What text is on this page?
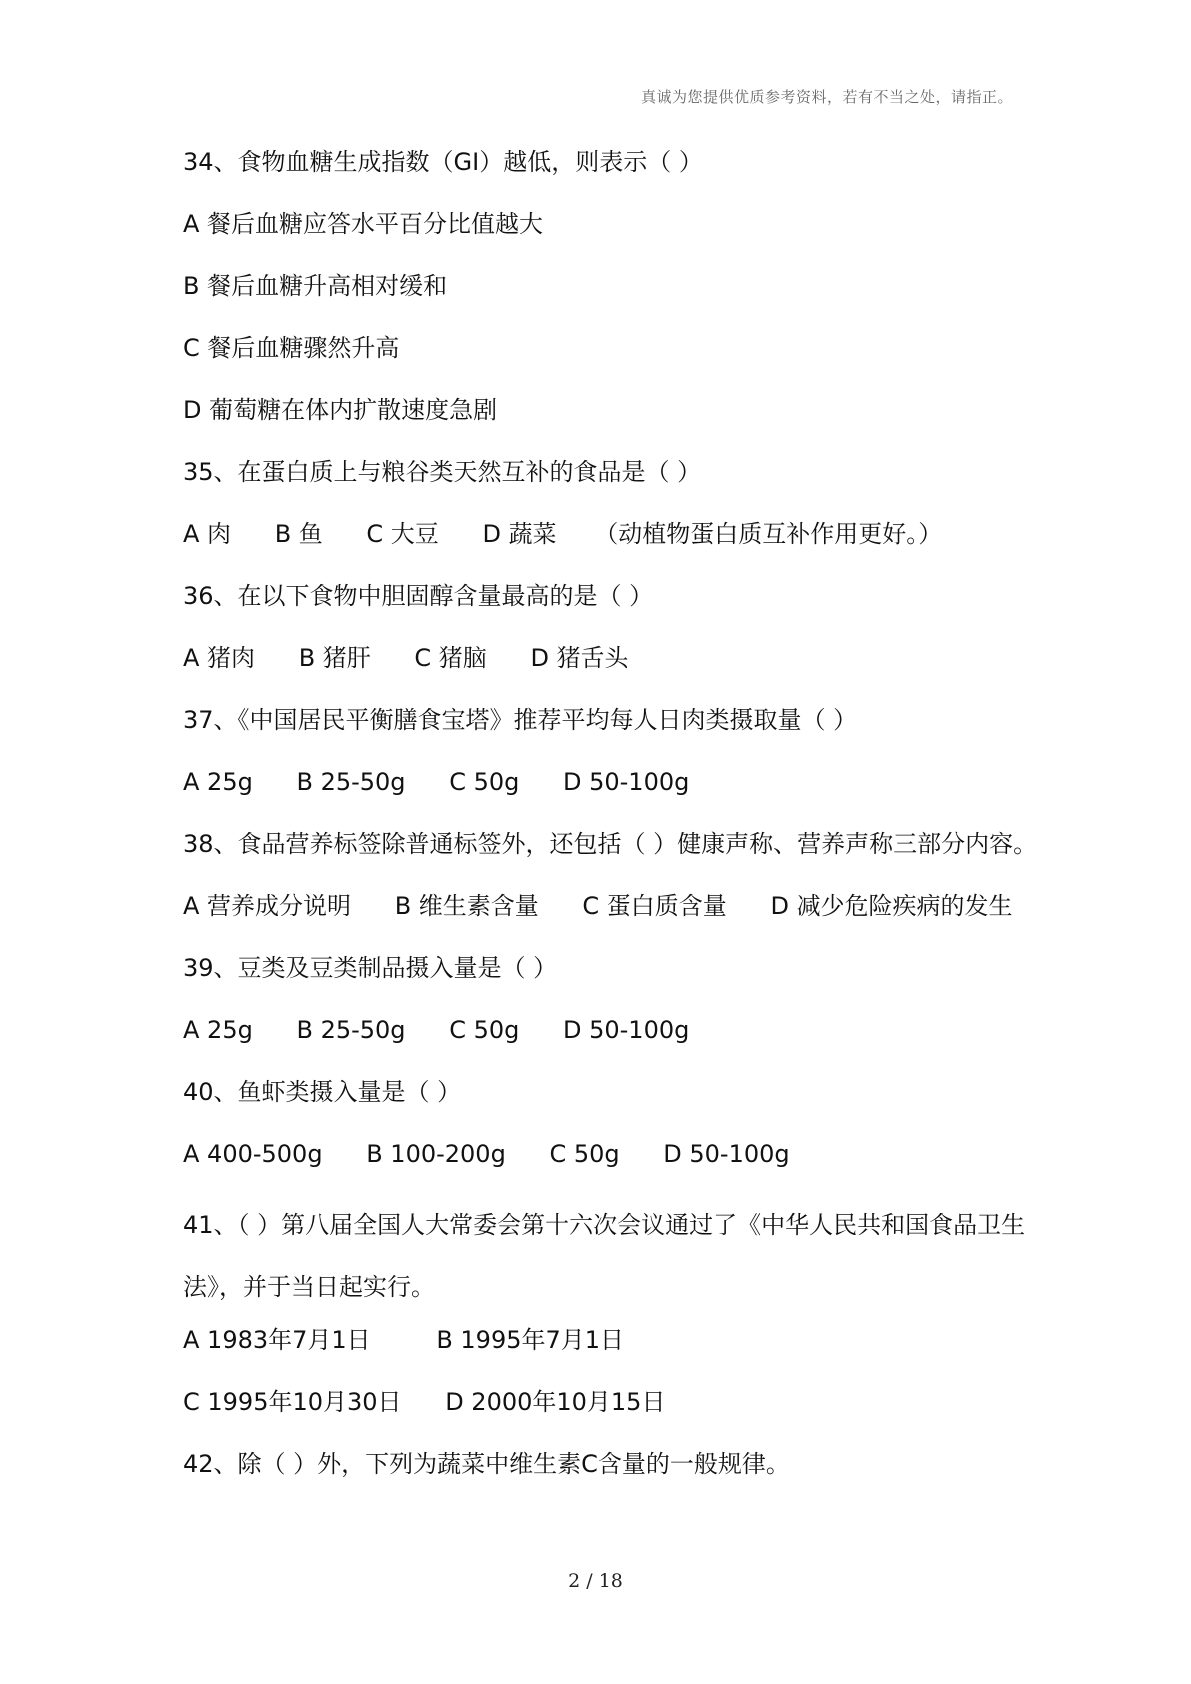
真诚为您提供优质参考资料，若有不当之处，请指正。
34、食物血糖生成指数（GI）越低，则表示（ ）
A 餐后血糖应答水平百分比值越大
B 餐后血糖升高相对缓和
C 餐后血糖骤然升高
D 葡萄糖在体内扩散速度急剧
35、在蛋白质上与粮谷类天然互补的食品是（ ）
A 肉 B 鱼 C 大豆 D 蔬菜 （动植物蛋白质互补作用更好。）
36、在以下食物中胆固醇含量最高的是（ ）
A 猪肉 B 猪肝 C 猪脑 D 猪舌头
37、《中国居民平衡膳食宝塔》推荐平均每人日肉类摄取量（ ）
A 25g B 25-50g C 50g D 50-100g
38、食品营养标签除普通标签外，还包括（ ）健康声称、营养声称三部分内容。
A 营养成分说明 B 维生素含量 C 蛋白质含量 D 减少危险疾病的发生
39、豆类及豆类制品摄入量是（ ）
A 25g B 25-50g C 50g D 50-100g
40、鱼虾类摄入量是（ ）
A 400-500g B 100-200g C 50g D 50-100g
41、（ ）第八届全国人大常委会第十六次会议通过了《中华人民共和国食品卫生法》，并于当日起实行。
A 1983年7月1日	B 1995年7月1日
C 1995年10月30日 D 2000年10月15日
42、除（ ）外，下列为蔬菜中维生素C含量的一般规律。
2 / 18
